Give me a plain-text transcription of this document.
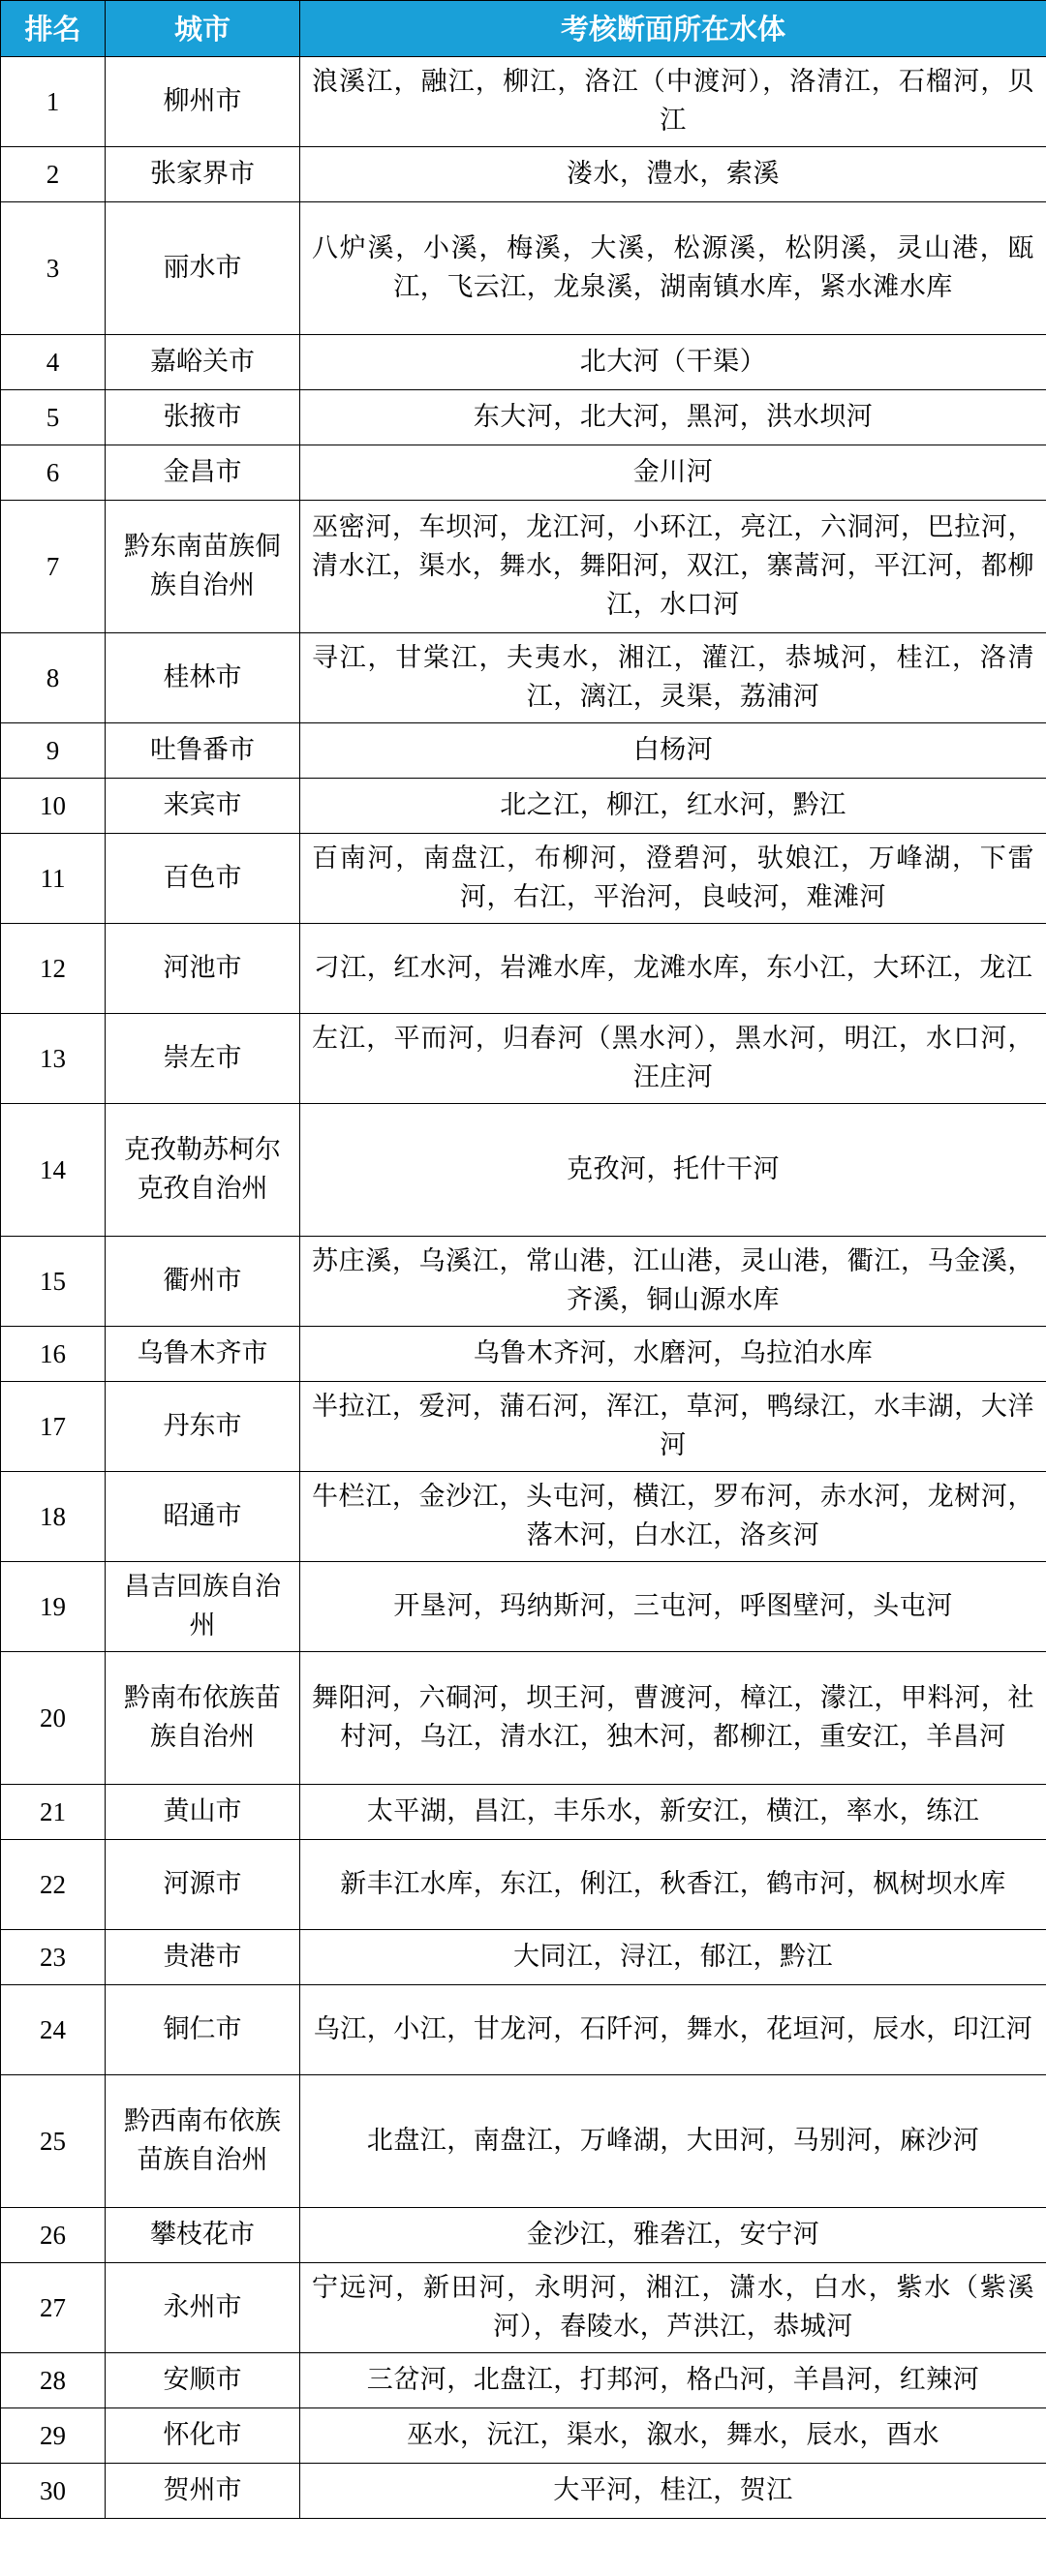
排名	城市	考核断面所在水体
1	柳州市	浪溪江，融江，柳江，洛江（中渡河），洛清江，石榴河，贝江
2	张家界市	溇水，澧水，索溪
3	丽水市	八炉溪，小溪，梅溪，大溪，松源溪，松阴溪，灵山港，瓯江，飞云江，龙泉溪，湖南镇水库，紧水滩水库
4	嘉峪关市	北大河（干渠）
5	张掖市	东大河，北大河，黑河，洪水坝河
6	金昌市	金川河
7	黔东南苗族侗族自治州	巫密河，车坝河，龙江河，小环江，亮江，六洞河，巴拉河，清水江，渠水，舞水，舞阳河，双江，寨蒿河，平江河，都柳江，水口河
8	桂林市	寻江，甘棠江，夫夷水，湘江，灌江，恭城河，桂江，洛清江，漓江，灵渠，荔浦河
9	吐鲁番市	白杨河
10	来宾市	北之江，柳江，红水河，黔江
11	百色市	百南河，南盘江，布柳河，澄碧河，驮娘江，万峰湖，下雷河，右江，平治河，良岐河，难滩河
12	河池市	刁江，红水河，岩滩水库，龙滩水库，东小江，大环江，龙江
13	崇左市	左江，平而河，归春河（黑水河），黑水河，明江，水口河，汪庄河
14	克孜勒苏柯尔克孜自治州	克孜河，托什干河
15	衢州市	苏庄溪，乌溪江，常山港，江山港，灵山港，衢江，马金溪，齐溪，铜山源水库
16	乌鲁木齐市	乌鲁木齐河，水磨河，乌拉泊水库
17	丹东市	半拉江，爱河，蒲石河，浑江，草河，鸭绿江，水丰湖，大洋河
18	昭通市	牛栏江，金沙江，头屯河，横江，罗布河，赤水河，龙树河，落木河，白水江，洛亥河
19	昌吉回族自治州	开垦河，玛纳斯河，三屯河，呼图壁河，头屯河
20	黔南布依族苗族自治州	舞阳河，六硐河，坝王河，曹渡河，樟江，濛江，甲料河，社村河，乌江，清水江，独木河，都柳江，重安江，羊昌河
21	黄山市	太平湖，昌江，丰乐水，新安江，横江，率水，练江
22	河源市	新丰江水库，东江，俐江，秋香江，鹤市河，枫树坝水库
23	贵港市	大同江，浔江，郁江，黔江
24	铜仁市	乌江，小江，甘龙河，石阡河，舞水，花垣河，辰水，印江河
25	黔西南布依族苗族自治州	北盘江，南盘江，万峰湖，大田河，马别河，麻沙河
26	攀枝花市	金沙江，雅砻江，安宁河
27	永州市	宁远河，新田河，永明河，湘江，潇水，白水，紫水（紫溪河），舂陵水，芦洪江，恭城河
28	安顺市	三岔河，北盘江，打邦河，格凸河，羊昌河，红辣河
29	怀化市	巫水，沅江，渠水，溆水，舞水，辰水，酉水
30	贺州市	大平河，桂江，贺江
